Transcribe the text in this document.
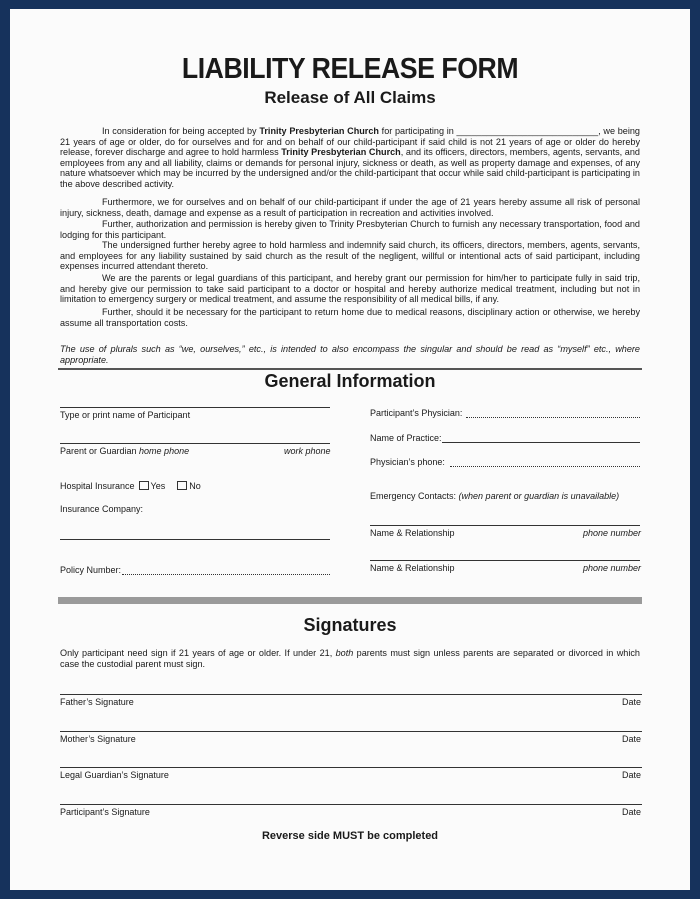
LIABILITY RELEASE FORM
Release of All Claims

In consideration for being accepted by Trinity Presbyterian Church for participating in ____________________________, we being 21 years of age or older, do for ourselves and for and on behalf of our child-participant if said child is not 21 years of age or older do hereby release, forever discharge and agree to hold harmless Trinity Presbyterian Church, and its officers, directors, members, agents, servants, and employees from any and all liability, claims or demands for personal injury, sickness or death, as well as property damage and expenses, of any nature whatsoever which may be incurred by the undersigned and/or the child-participant that occur while said child-participant is participating in the above described activity.

Furthermore, we for ourselves and on behalf of our child-participant if under the age of 21 years hereby assume all risk of personal injury, sickness, death, damage and expense as a result of participation in recreation and activities involved.

Further, authorization and permission is hereby given to Trinity Presbyterian Church to furnish any necessary transportation, food and lodging for this participant.

The undersigned further hereby agree to hold harmless and indemnify said church, its officers, directors, members, agents, servants, and employees for any liability sustained by said church as the result of the negligent, willful or intentional acts of said participant, including expenses incurred attendant thereto.

We are the parents or legal guardians of this participant, and hereby grant our permission for him/her to participate fully in said trip, and hereby give our permission to take said participant to a doctor or hospital and hereby authorize medical treatment, including but not in limitation to emergency surgery or medical treatment, and assume the responsibility of all medical bills, if any.

Further, should it be necessary for the participant to return home due to medical reasons, disciplinary action or otherwise, we hereby assume all transportation costs.

The use of plurals such as “we, ourselves,” etc., is intended to also encompass the singular and should be read as “myself” etc., where appropriate.

General Information
Type or print name of Participant
Parent or Guardian home phone	work phone
Hospital Insurance Yes	No
Insurance Company:
Policy Number:
Participant’s Physician:
Name of Practice:
Physician’s phone:
Emergency Contacts: (when parent or guardian is unavailable)
Name & Relationship	phone number
Name & Relationship	phone number
Signatures

Only participant need sign if 21 years of age or older. If under 21, both parents must sign unless parents are separated or divorced in which case the custodial parent must sign.

Father’s Signature	Date
Mother’s Signature	Date
Legal Guardian’s Signature	Date
Participant’s Signature	Date
Reverse side MUST be completed
